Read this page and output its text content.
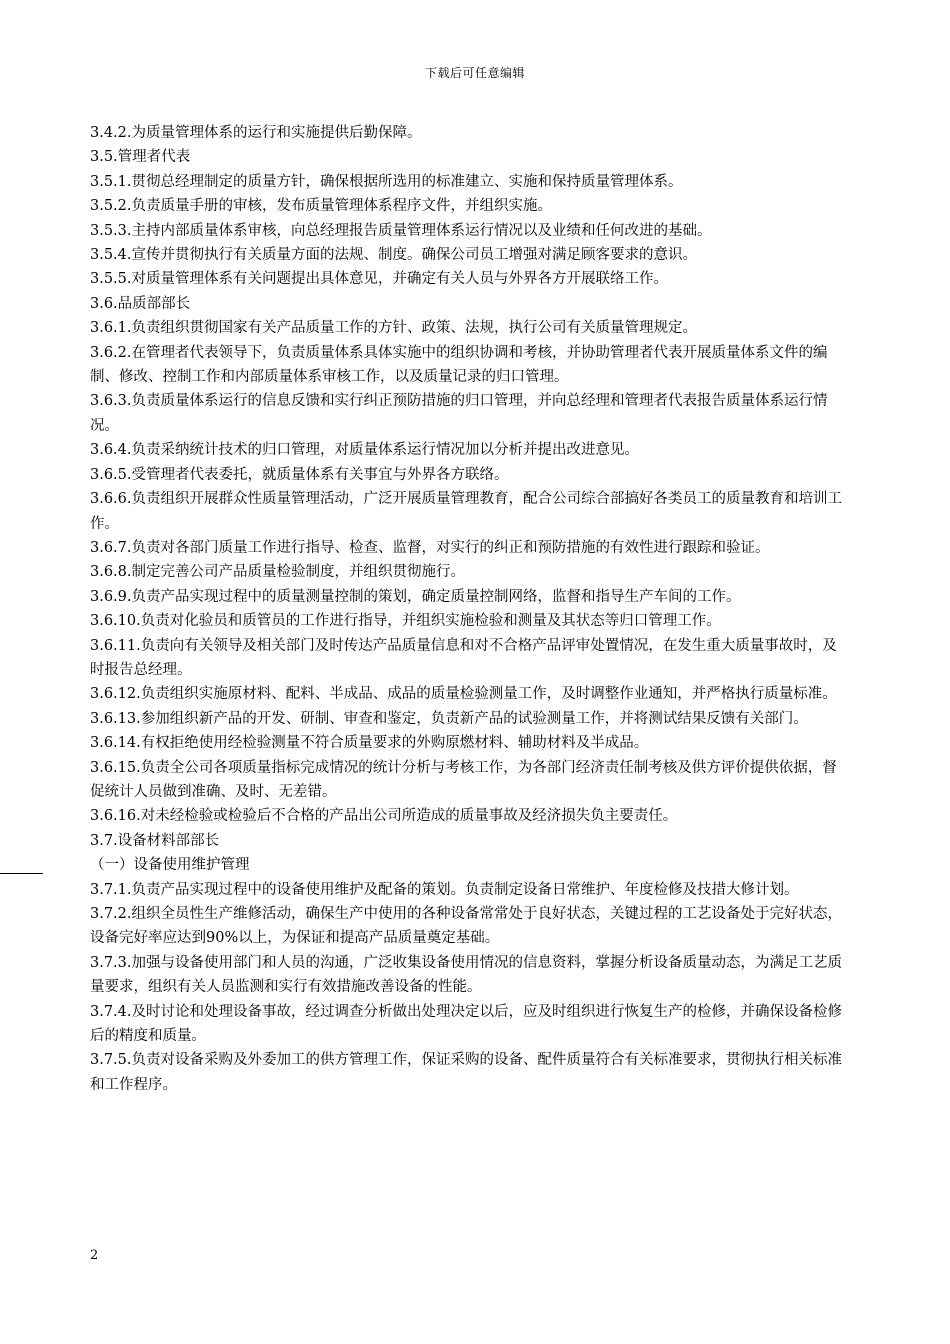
下载后可任意编辑

3.4.2.为质量管理体系的运行和实施提供后勤保障。

3.5.管理者代表

3.5.1.贯彻总经理制定的质量方针，确保根据所选用的标准建立、实施和保持质量管理体系。

3.5.2.负责质量手册的审核，发布质量管理体系程序文件，并组织实施。

3.5.3.主持内部质量体系审核，向总经理报告质量管理体系运行情况以及业绩和任何改进的基础。

3.5.4.宣传并贯彻执行有关质量方面的法规、制度。确保公司员工增强对满足顾客要求的意识。

3.5.5.对质量管理体系有关问题提出具体意见，并确定有关人员与外界各方开展联络工作。

3.6.品质部部长

3.6.1.负责组织贯彻国家有关产品质量工作的方针、政策、法规，执行公司有关质量管理规定。

3.6.2.在管理者代表领导下，负责质量体系具体实施中的组织协调和考核，并协助管理者代表开展质量体系文件的编制、修改、控制工作和内部质量体系审核工作，以及质量记录的归口管理。

3.6.3.负责质量体系运行的信息反馈和实行纠正预防措施的归口管理，并向总经理和管理者代表报告质量体系运行情况。

3.6.4.负责采纳统计技术的归口管理，对质量体系运行情况加以分析并提出改进意见。

3.6.5.受管理者代表委托，就质量体系有关事宜与外界各方联络。

3.6.6.负责组织开展群众性质量管理活动，广泛开展质量管理教育，配合公司综合部搞好各类员工的质量教育和培训工作。

3.6.7.负责对各部门质量工作进行指导、检查、监督，对实行的纠正和预防措施的有效性进行跟踪和验证。

3.6.8.制定完善公司产品质量检验制度，并组织贯彻施行。

3.6.9.负责产品实现过程中的质量测量控制的策划，确定质量控制网络，监督和指导生产车间的工作。

3.6.10.负责对化验员和质管员的工作进行指导，并组织实施检验和测量及其状态等归口管理工作。

3.6.11.负责向有关领导及相关部门及时传达产品质量信息和对不合格产品评审处置情况，在发生重大质量事故时，及时报告总经理。

3.6.12.负责组织实施原材料、配料、半成品、成品的质量检验测量工作，及时调整作业通知，并严格执行质量标准。

3.6.13.参加组织新产品的开发、研制、审查和鉴定，负责新产品的试验测量工作，并将测试结果反馈有关部门。

3.6.14.有权拒绝使用经检验测量不符合质量要求的外购原燃材料、辅助材料及半成品。

3.6.15.负责全公司各项质量指标完成情况的统计分析与考核工作，为各部门经济责任制考核及供方评价提供依据，督促统计人员做到准确、及时、无差错。

3.6.16.对未经检验或检验后不合格的产品出公司所造成的质量事故及经济损失负主要责任。

3.7.设备材料部部长

（一）设备使用维护管理

3.7.1.负责产品实现过程中的设备使用维护及配备的策划。负责制定设备日常维护、年度检修及技措大修计划。

3.7.2.组织全员性生产维修活动，确保生产中使用的各种设备常常处于良好状态，关键过程的工艺设备处于完好状态，设备完好率应达到90%以上，为保证和提高产品质量奠定基础。

3.7.3.加强与设备使用部门和人员的沟通，广泛收集设备使用情况的信息资料，掌握分析设备质量动态，为满足工艺质量要求，组织有关人员监测和实行有效措施改善设备的性能。

3.7.4.及时讨论和处理设备事故，经过调查分析做出处理决定以后，应及时组织进行恢复生产的检修，并确保设备检修后的精度和质量。

3.7.5.负责对设备采购及外委加工的供方管理工作，保证采购的设备、配件质量符合有关标准要求，贯彻执行相关标准和工作程序。

2
